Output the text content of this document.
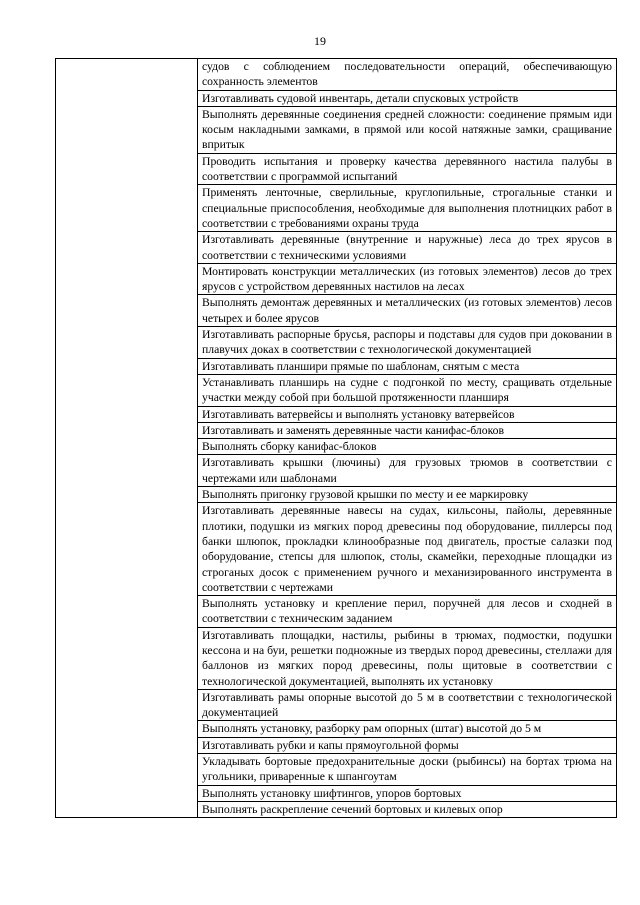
19

судов с соблюдением последовательности операций, обеспечивающую сохранность элементов

Изготавливать судовой инвентарь, детали спусковых устройств

Выполнять деревянные соединения средней сложности: соединение прямым иди косым накладными замками, в прямой или косой натяжные замки, сращивание впритык

Проводить испытания и проверку качества деревянного настила палубы в соответствии с программой испытаний

Применять ленточные, сверлильные, круглопильные, строгальные станки и специальные приспособления, необходимые для выполнения плотницких работ в соответствии с требованиями охраны труда

Изготавливать деревянные (внутренние и наружные) леса до трех ярусов в соответствии с техническими условиями

Монтировать конструкции металлических (из готовых элементов) лесов до трех ярусов с устройством деревянных настилов на лесах

Выполнять демонтаж деревянных и металлических (из готовых элементов) лесов четырех и более ярусов

Изготавливать распорные брусья, распоры и подставы для судов при доковании в плавучих доках в соответствии с технологической документацией

Изготавливать планшири прямые по шаблонам, снятым с места

Устанавливать планширь на судне с подгонкой по месту, сращивать отдельные участки между собой при большой протяженности планширя

Изготавливать ватервейсы и выполнять установку ватервейсов

Изготавливать и заменять деревянные части канифас-блоков

Выполнять сборку канифас-блоков

Изготавливать крышки (лючины) для грузовых трюмов в соответствии с чертежами или шаблонами

Выполнять пригонку грузовой крышки по месту и ее маркировку

Изготавливать деревянные навесы на судах, кильсоны, пайолы, деревянные плотики, подушки из мягких пород древесины под оборудование, пиллерсы под банки шлюпок, прокладки клинообразные под двигатель, простые салазки под оборудование, степсы для шлюпок, столы, скамейки, переходные площадки из строганых досок с применением ручного и механизированного инструмента в соответствии с чертежами

Выполнять установку и крепление перил, поручней для лесов и сходней в соответствии с техническим заданием

Изготавливать площадки, настилы, рыбины в трюмах, подмостки, подушки кессона и на буи, решетки подножные из твердых пород древесины, стеллажи для баллонов из мягких пород древесины, полы щитовые в соответствии с технологической документацией, выполнять их установку

Изготавливать рамы опорные высотой до 5 м в соответствии с технологической документацией

Выполнять установку, разборку рам опорных (штаг) высотой до 5 м

Изготавливать рубки и капы прямоугольной формы

Укладывать бортовые предохранительные доски (рыбинсы) на бортах трюма на угольники, приваренные к шпангоутам

Выполнять установку шифтингов, упоров бортовых

Выполнять раскрепление сечений бортовых и килевых опор
